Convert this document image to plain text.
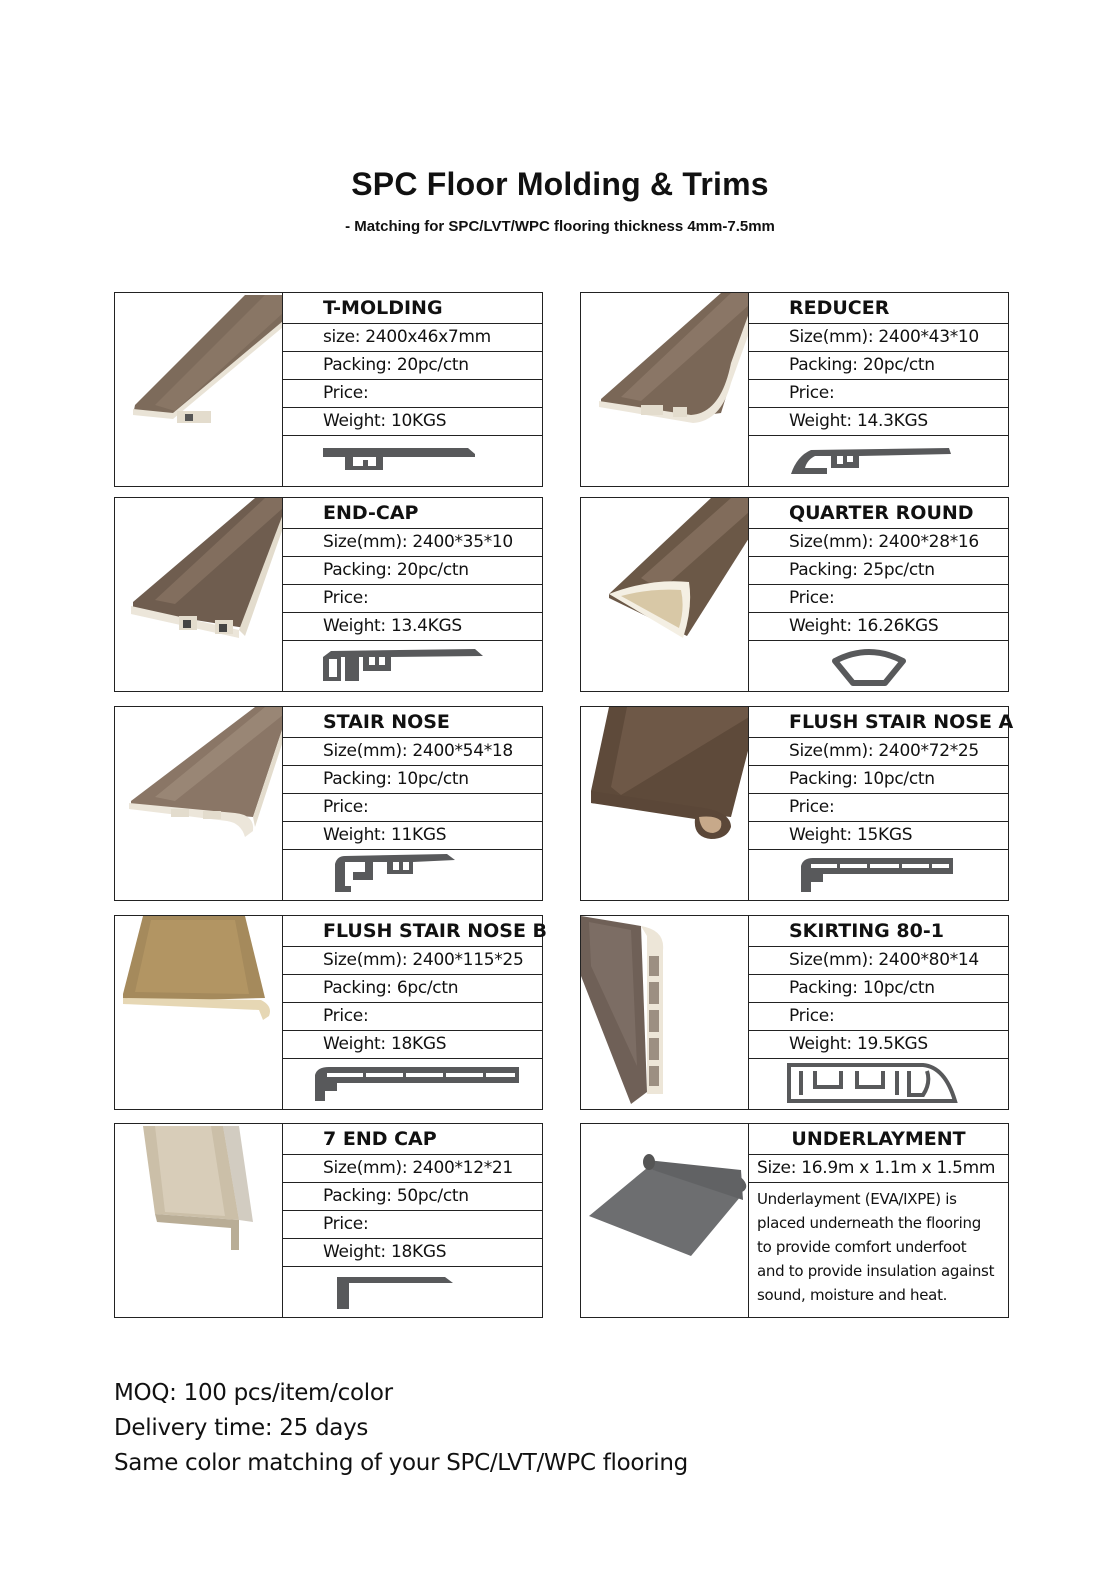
SPC Floor Molding & Trims
- Matching for SPC/LVT/WPC flooring thickness 4mm-7.5mm
T-MOLDING
size: 2400x46x7mm
Packing: 20pc/ctn
Price:
Weight: 10KGS
REDUCER
Size(mm): 2400*43*10
Packing: 20pc/ctn
Price:
Weight: 14.3KGS
END-CAP
Size(mm): 2400*35*10
Packing: 20pc/ctn
Price:
Weight: 13.4KGS
QUARTER ROUND
Size(mm): 2400*28*16
Packing: 25pc/ctn
Price:
Weight: 16.26KGS
STAIR NOSE
Size(mm): 2400*54*18
Packing: 10pc/ctn
Price:
Weight: 11KGS
FLUSH STAIR NOSE A
Size(mm): 2400*72*25
Packing: 10pc/ctn
Price:
Weight: 15KGS
FLUSH STAIR NOSE B
Size(mm): 2400*115*25
Packing: 6pc/ctn
Price:
Weight: 18KGS
SKIRTING 80-1
Size(mm): 2400*80*14
Packing: 10pc/ctn
Price:
Weight: 19.5KGS
7 END CAP
Size(mm): 2400*12*21
Packing: 50pc/ctn
Price:
Weight: 18KGS
UNDERLAYMENT
Size: 16.9m x 1.1m x 1.5mm
Underlayment (EVA/IXPE) is
placed underneath the flooring
to provide comfort underfoot
and to provide insulation against
sound, moisture and heat.
MOQ: 100 pcs/item/color
Delivery time: 25 days
Same color matching of your SPC/LVT/WPC flooring
